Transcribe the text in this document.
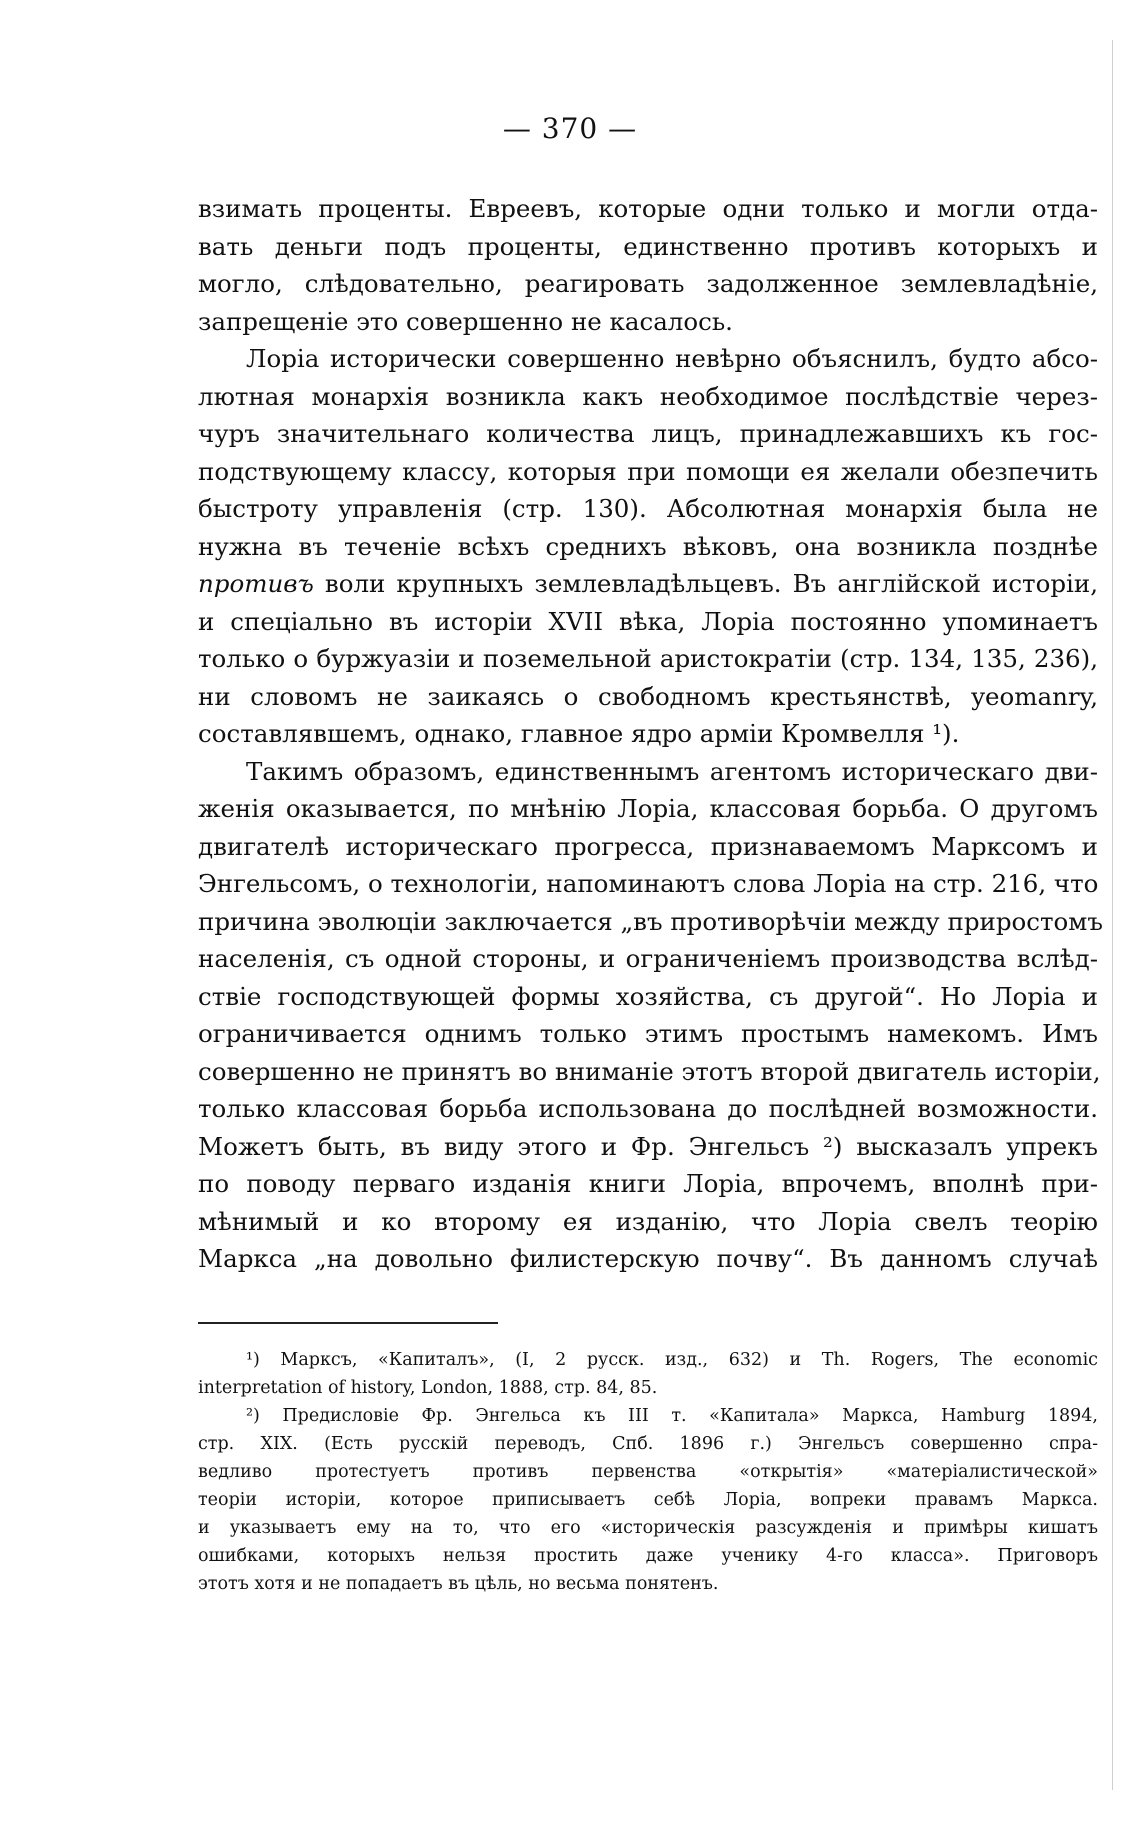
— 370 —
взимать проценты. Евреевъ, которые одни только и могли отда-
вать деньги подъ проценты, единственно противъ которыхъ и
могло, слѣдовательно, реагировать задолженное землевладѣніе,
запрещеніе это совершенно не касалось.
Лоріа исторически совершенно невѣрно объяснилъ, будто абсо-
лютная монархія возникла какъ необходимое послѣдствіе через-
чуръ значительнаго количества лицъ, принадлежавшихъ къ гос-
подствующему классу, которыя при помощи ея желали обезпечить
быстроту управленія (стр. 130). Абсолютная монархія была не
нужна въ теченіе всѣхъ среднихъ вѣковъ, она возникла позднѣе
противъ воли крупныхъ землевладѣльцевъ. Въ англійской исторіи,
и спеціально въ исторіи XVII вѣка, Лоріа постоянно упоминаетъ
только о буржуазіи и поземельной аристократіи (стр. 134, 135, 236),
ни словомъ не заикаясь о свободномъ крестьянствѣ, yeomanry,
составлявшемъ, однако, главное ядро арміи Кромвелля ¹).
Такимъ образомъ, единственнымъ агентомъ историческаго дви-
женія оказывается, по мнѣнію Лоріа, классовая борьба. О другомъ
двигателѣ историческаго прогресса, признаваемомъ Марксомъ и
Энгельсомъ, о технологіи, напоминаютъ слова Лоріа на стр. 216, что
причина эволюціи заключается „въ противорѣчіи между приростомъ
населенія, съ одной стороны, и ограниченіемъ производства вслѣд-
ствіе господствующей формы хозяйства, съ другой“. Но Лоріа и
ограничивается однимъ только этимъ простымъ намекомъ. Имъ
совершенно не принятъ во вниманіе этотъ второй двигатель исторіи,
только классовая борьба использована до послѣдней возможности.
Можетъ быть, въ виду этого и Фр. Энгельсъ ²) высказалъ упрекъ
по поводу перваго изданія книги Лоріа, впрочемъ, вполнѣ при-
мѣнимый и ко второму ея изданію, что Лоріа свелъ теорію
Маркса „на довольно филистерскую почву“. Въ данномъ случаѣ
¹) Марксъ, «Капиталъ», (I, 2 русск. изд., 632) и Th. Rogers, The economic
interpretation of history, London, 1888, стр. 84, 85.
²) Предисловіе Фр. Энгельса къ III т. «Капитала» Маркса, Hamburg 1894,
стр. XIX. (Есть русскій переводъ, Спб. 1896 г.) Энгельсъ совершенно спра-
ведливо протестуетъ противъ первенства «открытія» «матеріалистической»
теоріи исторіи, которое приписываетъ себѣ Лоріа, вопреки правамъ Маркса.
и указываетъ ему на то, что его «историческія разсужденія и примѣры кишатъ
ошибками, которыхъ нельзя простить даже ученику 4-го класса». Приговоръ
этотъ хотя и не попадаетъ въ цѣль, но весьма понятенъ.
